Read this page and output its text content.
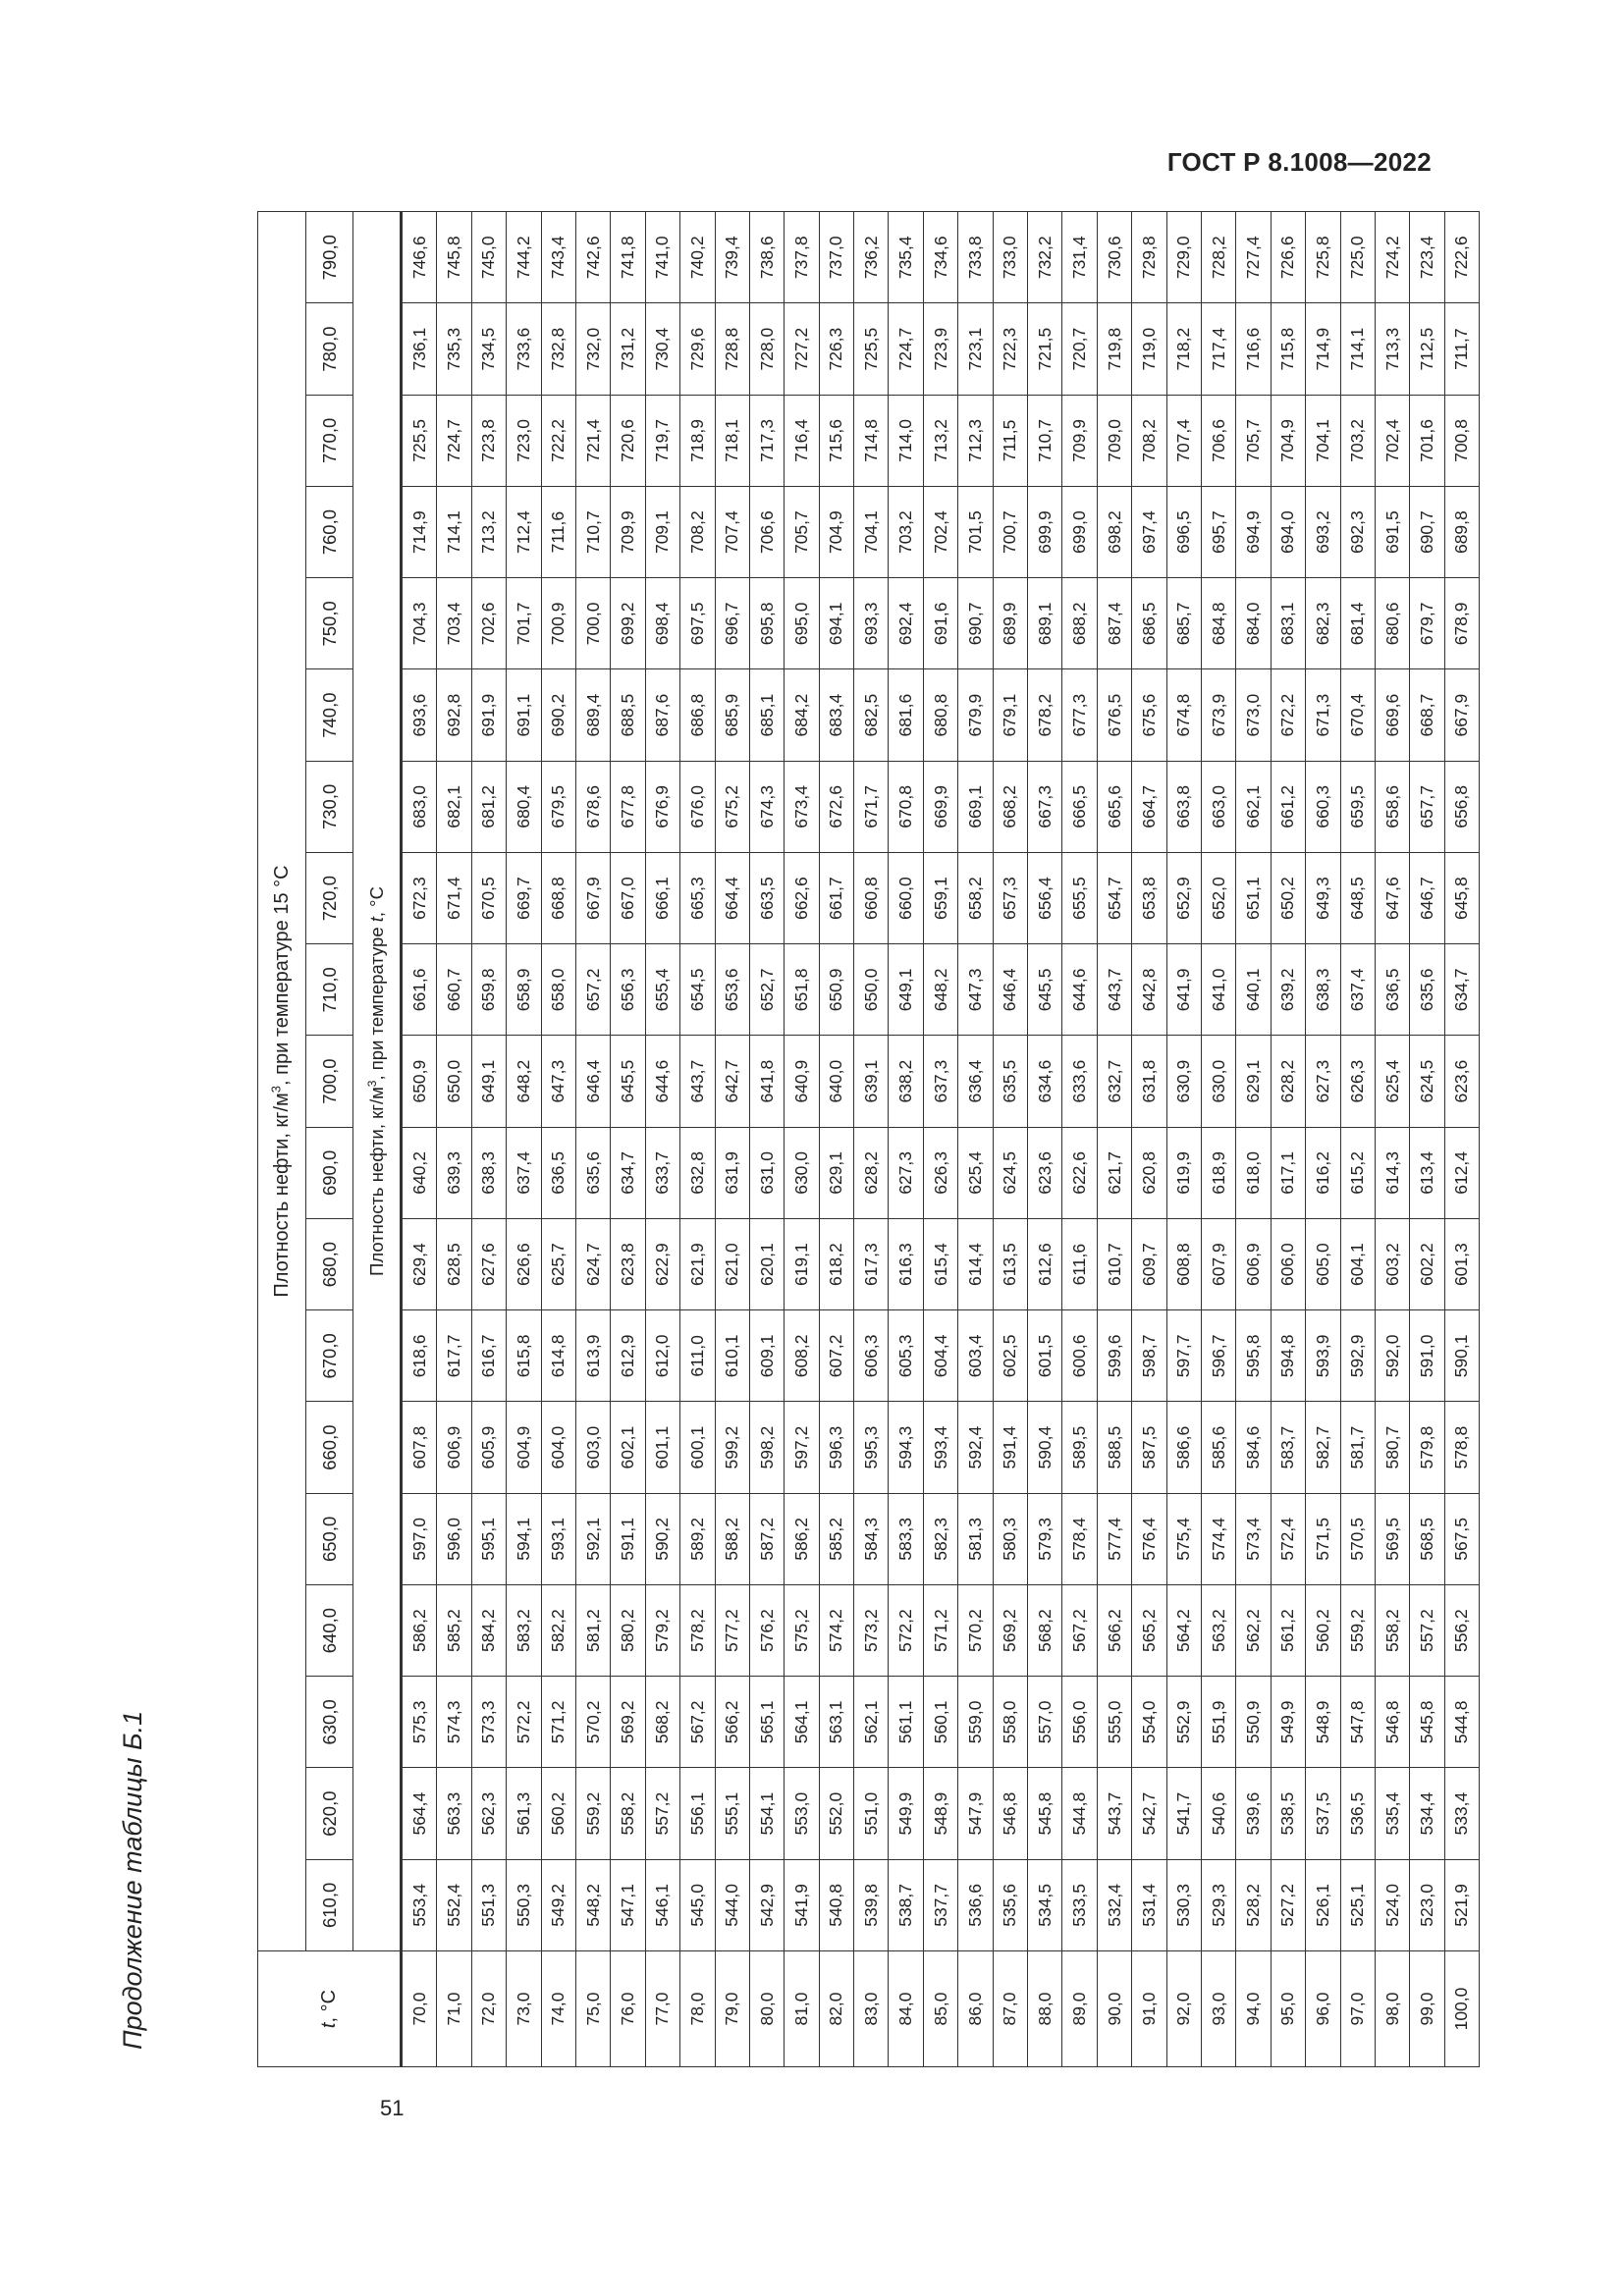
ГОСТ Р 8.1008—2022
Продолжение таблицы Б.1	t, °C	Плотность нефти, $кг/м^3$, при температуре 15 °C																		
	610,0	620,0	630,0	640,0	650,0	660,0	670,0	680,0	690,0	700,0	710,0	720,0	730,0	740,0	750,0	760,0	770,0	780,0	790,0
	Плотность нефти, $кг/м^3$, при температуре t, °C																		
70,0	553,4	564,4	575,3	586,2	597,0	607,8	618,6	629,4	640,2	650,9	661,6	672,3	683,0	693,6	704,3	714,9	725,5	736,1	746,6
71,0	552,4	563,3	574,3	585,2	596,0	606,9	617,7	628,5	639,3	650,0	660,7	671,4	682,1	692,8	703,4	714,1	724,7	735,3	745,8
72,0	551,3	562,3	573,3	584,2	595,1	605,9	616,7	627,6	638,3	649,1	659,8	670,5	681,2	691,9	702,6	713,2	723,8	734,5	745,0
73,0	550,3	561,3	572,2	583,2	594,1	604,9	615,8	626,6	637,4	648,2	658,9	669,7	680,4	691,1	701,7	712,4	723,0	733,6	744,2
74,0	549,2	560,2	571,2	582,2	593,1	604,0	614,8	625,7	636,5	647,3	658,0	668,8	679,5	690,2	700,9	711,6	722,2	732,8	743,4
75,0	548,2	559,2	570,2	581,2	592,1	603,0	613,9	624,7	635,6	646,4	657,2	667,9	678,6	689,4	700,0	710,7	721,4	732,0	742,6
76,0	547,1	558,2	569,2	580,2	591,1	602,1	612,9	623,8	634,7	645,5	656,3	667,0	677,8	688,5	699,2	709,9	720,6	731,2	741,8
77,0	546,1	557,2	568,2	579,2	590,2	601,1	612,0	622,9	633,7	644,6	655,4	666,1	676,9	687,6	698,4	709,1	719,7	730,4	741,0
78,0	545,0	556,1	567,2	578,2	589,2	600,1	611,0	621,9	632,8	643,7	654,5	665,3	676,0	686,8	697,5	708,2	718,9	729,6	740,2
79,0	544,0	555,1	566,2	577,2	588,2	599,2	610,1	621,0	631,9	642,7	653,6	664,4	675,2	685,9	696,7	707,4	718,1	728,8	739,4
80,0	542,9	554,1	565,1	576,2	587,2	598,2	609,1	620,1	631,0	641,8	652,7	663,5	674,3	685,1	695,8	706,6	717,3	728,0	738,6
81,0	541,9	553,0	564,1	575,2	586,2	597,2	608,2	619,1	630,0	640,9	651,8	662,6	673,4	684,2	695,0	705,7	716,4	727,2	737,8
82,0	540,8	552,0	563,1	574,2	585,2	596,3	607,2	618,2	629,1	640,0	650,9	661,7	672,6	683,4	694,1	704,9	715,6	726,3	737,0
83,0	539,8	551,0	562,1	573,2	584,3	595,3	606,3	617,3	628,2	639,1	650,0	660,8	671,7	682,5	693,3	704,1	714,8	725,5	736,2
84,0	538,7	549,9	561,1	572,2	583,3	594,3	605,3	616,3	627,3	638,2	649,1	660,0	670,8	681,6	692,4	703,2	714,0	724,7	735,4
85,0	537,7	548,9	560,1	571,2	582,3	593,4	604,4	615,4	626,3	637,3	648,2	659,1	669,9	680,8	691,6	702,4	713,2	723,9	734,6
86,0	536,6	547,9	559,0	570,2	581,3	592,4	603,4	614,4	625,4	636,4	647,3	658,2	669,1	679,9	690,7	701,5	712,3	723,1	733,8
87,0	535,6	546,8	558,0	569,2	580,3	591,4	602,5	613,5	624,5	635,5	646,4	657,3	668,2	679,1	689,9	700,7	711,5	722,3	733,0
88,0	534,5	545,8	557,0	568,2	579,3	590,4	601,5	612,6	623,6	634,6	645,5	656,4	667,3	678,2	689,1	699,9	710,7	721,5	732,2
89,0	533,5	544,8	556,0	567,2	578,4	589,5	600,6	611,6	622,6	633,6	644,6	655,5	666,5	677,3	688,2	699,0	709,9	720,7	731,4
90,0	532,4	543,7	555,0	566,2	577,4	588,5	599,6	610,7	621,7	632,7	643,7	654,7	665,6	676,5	687,4	698,2	709,0	719,8	730,6
91,0	531,4	542,7	554,0	565,2	576,4	587,5	598,7	609,7	620,8	631,8	642,8	653,8	664,7	675,6	686,5	697,4	708,2	719,0	729,8
92,0	530,3	541,7	552,9	564,2	575,4	586,6	597,7	608,8	619,9	630,9	641,9	652,9	663,8	674,8	685,7	696,5	707,4	718,2	729,0
93,0	529,3	540,6	551,9	563,2	574,4	585,6	596,7	607,9	618,9	630,0	641,0	652,0	663,0	673,9	684,8	695,7	706,6	717,4	728,2
94,0	528,2	539,6	550,9	562,2	573,4	584,6	595,8	606,9	618,0	629,1	640,1	651,1	662,1	673,0	684,0	694,9	705,7	716,6	727,4
95,0	527,2	538,5	549,9	561,2	572,4	583,7	594,8	606,0	617,1	628,2	639,2	650,2	661,2	672,2	683,1	694,0	704,9	715,8	726,6
96,0	526,1	537,5	548,9	560,2	571,5	582,7	593,9	605,0	616,2	627,3	638,3	649,3	660,3	671,3	682,3	693,2	704,1	714,9	725,8
97,0	525,1	536,5	547,8	559,2	570,5	581,7	592,9	604,1	615,2	626,3	637,4	648,5	659,5	670,4	681,4	692,3	703,2	714,1	725,0
98,0	524,0	535,4	546,8	558,2	569,5	580,7	592,0	603,2	614,3	625,4	636,5	647,6	658,6	669,6	680,6	691,5	702,4	713,3	724,2
99,0	523,0	534,4	545,8	557,2	568,5	579,8	591,0	602,2	613,4	624,5	635,6	646,7	657,7	668,7	679,7	690,7	701,6	712,5	723,4
100,0	521,9	533,4	544,8	556,2	567,5	578,8	590,1	601,3	612,4	623,6	634,7	645,8	656,8	667,9	678,9	689,8	700,8	711,7	722,6
51
